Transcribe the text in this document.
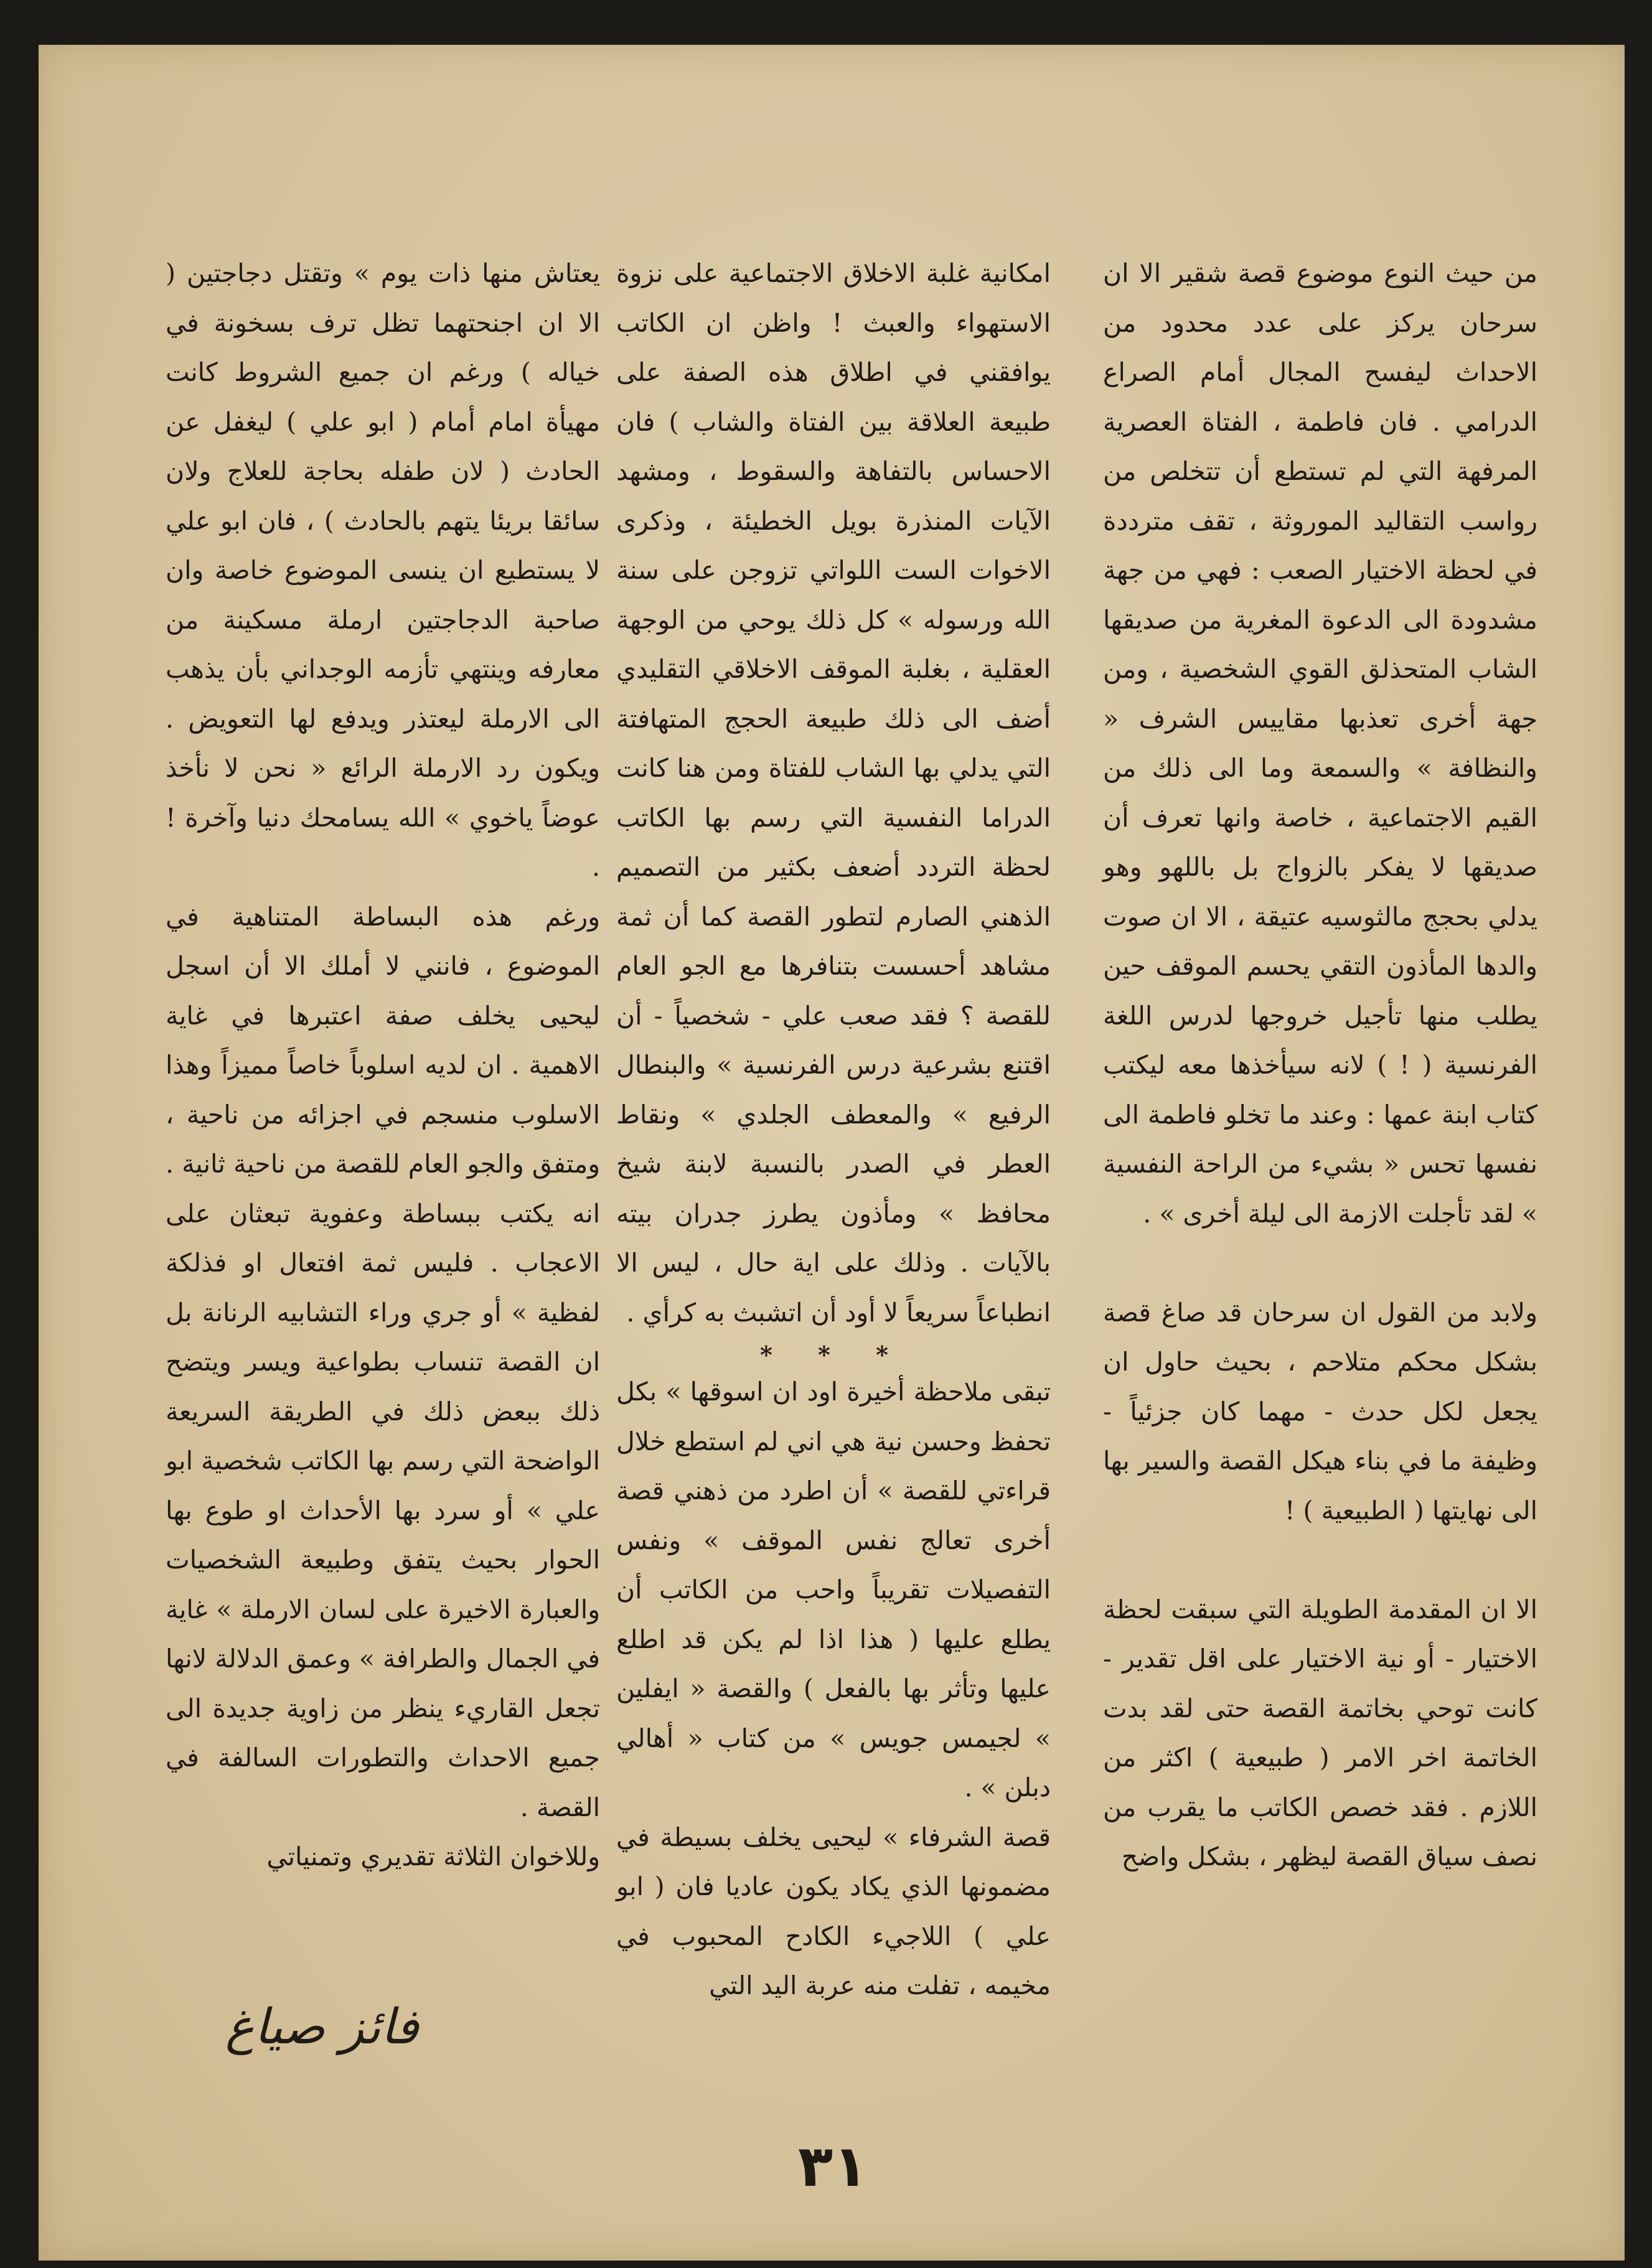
من حيث النوع موضوع قصة شقير الا ان سرحان يركز على عدد محدود من الاحداث ليفسح المجال أمام الصراع الدرامي . فان فاطمة ، الفتاة العصرية المرفهة التي لم تستطع أن تتخلص من رواسب التقاليد الموروثة ، تقف مترددة في لحظة الاختيار الصعب : فهي من جهة مشدودة الى الدعوة المغرية من صديقها الشاب المتحذلق القوي الشخصية ، ومن جهة أخرى تعذبها مقاييس الشرف « والنظافة » والسمعة وما الى ذلك من القيم الاجتماعية ، خاصة وانها تعرف أن صديقها لا يفكر بالزواج بل باللهو وهو يدلي بحجج مالثوسيه عتيقة ، الا ان صوت والدها المأذون التقي يحسم الموقف حين يطلب منها تأجيل خروجها لدرس اللغة الفرنسية ( ! ) لانه سيأخذها معه ليكتب كتاب ابنة عمها : وعند ما تخلو فاطمة الى نفسها تحس « بشيء من الراحة النفسية » لقد تأجلت الازمة الى ليلة أخرى » .

ولابد من القول ان سرحان قد صاغ قصة بشكل محكم متلاحم ، بحيث حاول ان يجعل لكل حدث - مهما كان جزئياً - وظيفة ما في بناء هيكل القصة والسير بها الى نهايتها ( الطبيعية ) !

الا ان المقدمة الطويلة التي سبقت لحظة الاختيار - أو نية الاختيار على اقل تقدير - كانت توحي بخاتمة القصة حتى لقد بدت الخاتمة اخر الامر ( طبيعية ) اكثر من اللازم . فقد خصص الكاتب ما يقرب من نصف سياق القصة ليظهر ، بشكل واضح

امكانية غلبة الاخلاق الاجتماعية على نزوة الاستهواء والعبث ! واظن ان الكاتب يوافقني في اطلاق هذه الصفة على طبيعة العلاقة بين الفتاة والشاب ) فان الاحساس بالتفاهة والسقوط ، ومشهد الآيات المنذرة بويل الخطيئة ، وذكرى الاخوات الست اللواتي تزوجن على سنة الله ورسوله » كل ذلك يوحي من الوجهة العقلية ، بغلبة الموقف الاخلاقي التقليدي أضف الى ذلك طبيعة الحجج المتهافتة التي يدلي بها الشاب للفتاة ومن هنا كانت الدراما النفسية التي رسم بها الكاتب لحظة التردد أضعف بكثير من التصميم الذهني الصارم لتطور القصة كما أن ثمة مشاهد أحسست بتنافرها مع الجو العام للقصة ؟ فقد صعب علي - شخصياً - أن اقتنع بشرعية درس الفرنسية » والبنطال الرفيع » والمعطف الجلدي » ونقاط العطر في الصدر بالنسبة لابنة شيخ محافظ » ومأذون يطرز جدران بيته بالآيات . وذلك على اية حال ، ليس الا انطباعاً سريعاً لا أود أن اتشبث به كرأي .

* * *

تبقى ملاحظة أخيرة اود ان اسوقها » بكل تحفظ وحسن نية هي اني لم استطع خلال قراءتي للقصة » أن اطرد من ذهني قصة أخرى تعالج نفس الموقف » ونفس التفصيلات تقريباً واحب من الكاتب أن يطلع عليها ( هذا اذا لم يكن قد اطلع عليها وتأثر بها بالفعل ) والقصة « ايفلين » لجيمس جويس » من كتاب « أهالي دبلن » .

قصة الشرفاء » ليحيى يخلف بسيطة في مضمونها الذي يكاد يكون عاديا فان ( ابو علي ) اللاجيء الكادح المحبوب في مخيمه ، تفلت منه عربة اليد التي

يعتاش منها ذات يوم » وتقتل دجاجتين ( الا ان اجنحتهما تظل ترف بسخونة في خياله ) ورغم ان جميع الشروط كانت مهيأة امام أمام ( ابو علي ) ليغفل عن الحادث ( لان طفله بحاجة للعلاج ولان سائقا بريئا يتهم بالحادث ) ، فان ابو علي لا يستطيع ان ينسى الموضوع خاصة وان صاحبة الدجاجتين ارملة مسكينة من معارفه وينتهي تأزمه الوجداني بأن يذهب الى الارملة ليعتذر ويدفع لها التعويض . ويكون رد الارملة الرائع « نحن لا نأخذ عوضاً ياخوي » الله يسامحك دنيا وآخرة ! .

ورغم هذه البساطة المتناهية في الموضوع ، فانني لا أملك الا أن اسجل ليحيى يخلف صفة اعتبرها في غاية الاهمية . ان لديه اسلوباً خاصاً مميزاً وهذا الاسلوب منسجم في اجزائه من ناحية ، ومتفق والجو العام للقصة من ناحية ثانية . انه يكتب ببساطة وعفوية تبعثان على الاعجاب . فليس ثمة افتعال او فذلكة لفظية » أو جري وراء التشابيه الرنانة بل ان القصة تنساب بطواعية ويسر ويتضح ذلك ببعض ذلك في الطريقة السريعة الواضحة التي رسم بها الكاتب شخصية ابو علي » أو سرد بها الأحداث او طوع بها الحوار بحيث يتفق وطبيعة الشخصيات والعبارة الاخيرة على لسان الارملة » غاية في الجمال والطرافة » وعمق الدلالة لانها تجعل القاريء ينظر من زاوية جديدة الى جميع الاحداث والتطورات السالفة في القصة .

وللاخوان الثلاثة تقديري وتمنياتي

فائز صياغ
٣١
